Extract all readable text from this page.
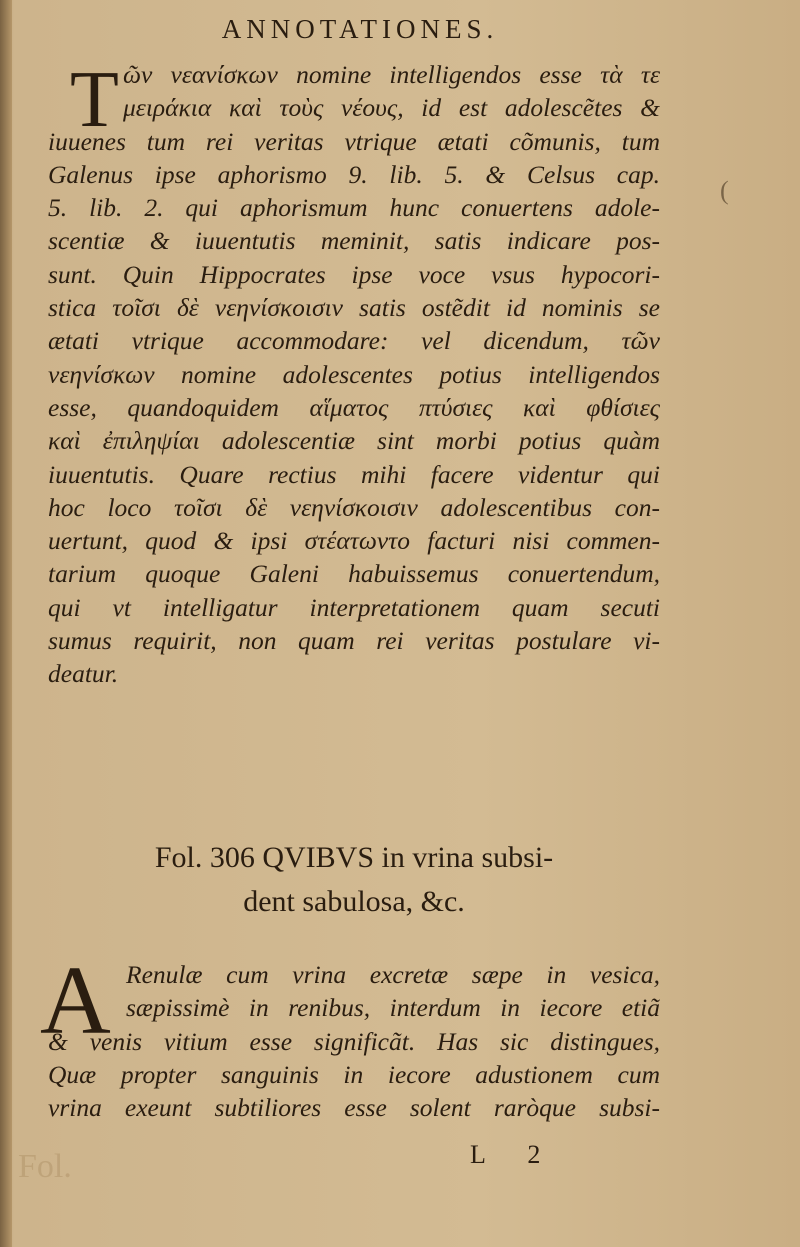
ANNOTATIONES.
T ῶν νεανίσκων nomine intelligendos esse τὰ τε
μειράκια καὶ τοὺς νέους, id est adolescẽtes &
iuuenes tum rei veritas vtrique ætati cõmunis, tum
Galenus ipse aphorismo 9. lib. 5. & Celsus cap.
5. lib. 2. qui aphorismum hunc conuertens adole-
scentiæ & iuuentutis meminit, satis indicare pos-
sunt. Quin Hippocrates ipse voce vsus hypocori-
stica τοῖσι δὲ νεηνίσκοισιν satis ostẽdit id nominis se
ætati vtrique accommodare: vel dicendum, τῶν
νεηνίσκων nomine adolescentes potius intelligendos
esse, quandoquidem αἵματος πτύσιες καὶ φθίσιες
καὶ ἐπιληψίαι adolescentiæ sint morbi potius quàm
iuuentutis. Quare rectius mihi facere videntur qui
hoc loco τοῖσι δὲ νεηνίσκοισιν adolescentibus con-
uertunt, quod & ipsi στέατωντο facturi nisi commen-
tarium quoque Galeni habuissemus conuertendum,
qui vt intelligatur interpretationem quam secuti
sumus requirit, non quam rei veritas postulare vi-
deatur.
Fol. 306 QVIBVS in vrina subsi-
dent sabulosa, &c.
A Renulæ cum vrina excretæ sæpe in vesica,
sæpissimè in renibus, interdum in iecore etiã
& venis vitium esse significãt. Has sic distingues,
Quæ propter sanguinis in iecore adustionem cum
vrina exeunt subtiliores esse solent raròque subsi-
L 2
(
Fol.
